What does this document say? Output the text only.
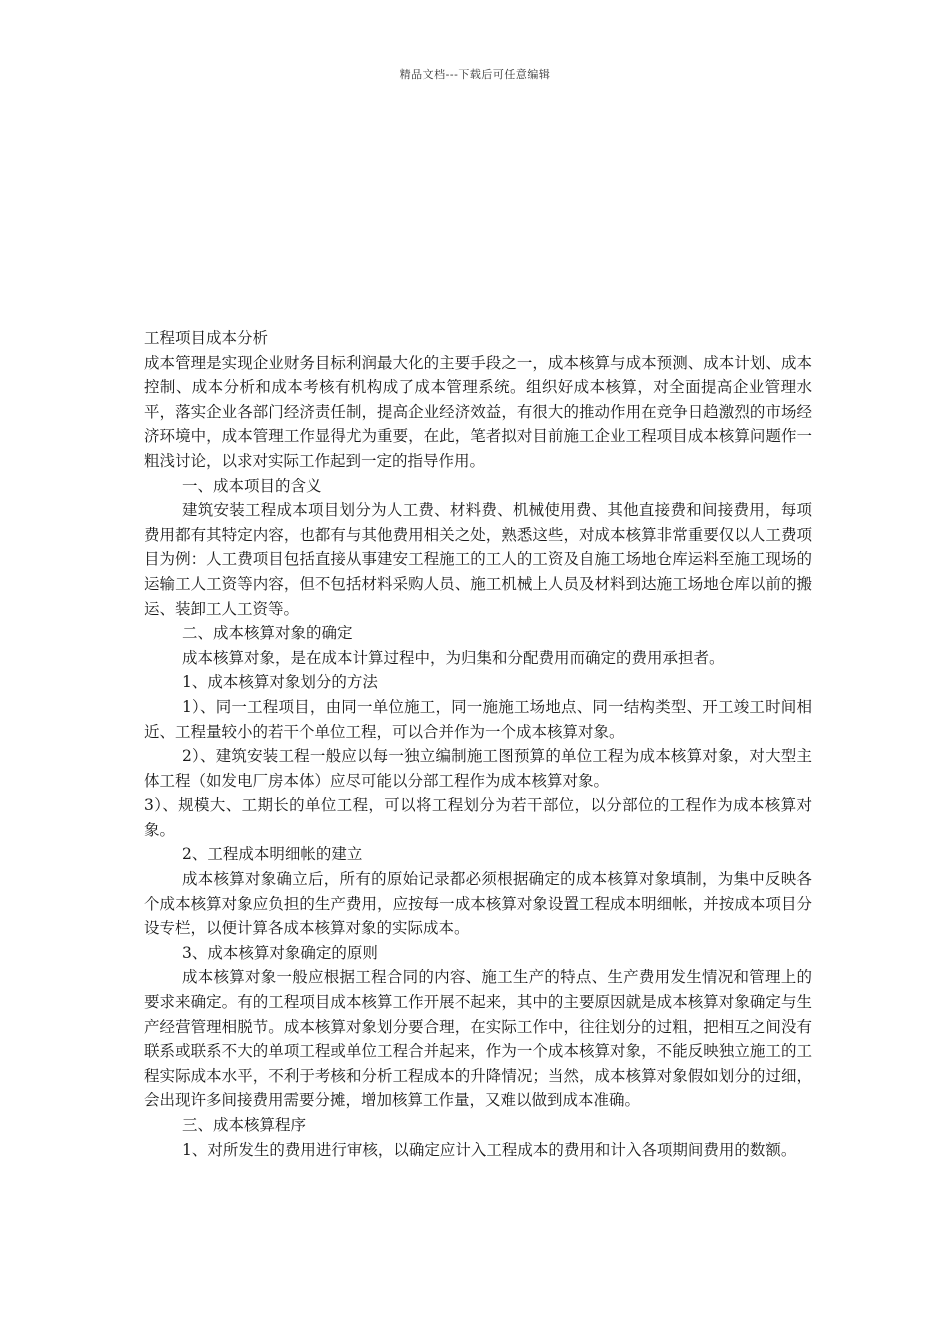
精品文档---下载后可任意编辑

工程项目成本分析

成本管理是实现企业财务目标利润最大化的主要手段之一，成本核算与成本预测、成本计划、成本控制、成本分析和成本考核有机构成了成本管理系统。组织好成本核算，对全面提高企业管理水平，落实企业各部门经济责任制，提高企业经济效益，有很大的推动作用在竞争日趋激烈的市场经济环境中，成本管理工作显得尤为重要，在此，笔者拟对目前施工企业工程项目成本核算问题作一粗浅讨论，以求对实际工作起到一定的指导作用。

一、成本项目的含义

建筑安装工程成本项目划分为人工费、材料费、机械使用费、其他直接费和间接费用，每项费用都有其特定内容，也都有与其他费用相关之处，熟悉这些，对成本核算非常重要仅以人工费项目为例：人工费项目包括直接从事建安工程施工的工人的工资及自施工场地仓库运料至施工现场的运输工人工资等内容，但不包括材料采购人员、施工机械上人员及材料到达施工场地仓库以前的搬运、装卸工人工资等。

二、成本核算对象的确定

成本核算对象，是在成本计算过程中，为归集和分配费用而确定的费用承担者。

1、成本核算对象划分的方法

1）、同一工程项目，由同一单位施工，同一施施工场地点、同一结构类型、开工竣工时间相近、工程量较小的若干个单位工程，可以合并作为一个成本核算对象。

2）、建筑安装工程一般应以每一独立编制施工图预算的单位工程为成本核算对象，对大型主体工程（如发电厂房本体）应尽可能以分部工程作为成本核算对象。

3）、规模大、工期长的单位工程，可以将工程划分为若干部位，以分部位的工程作为成本核算对象。

2、工程成本明细帐的建立

成本核算对象确立后，所有的原始记录都必须根据确定的成本核算对象填制，为集中反映各个成本核算对象应负担的生产费用，应按每一成本核算对象设置工程成本明细帐，并按成本项目分设专栏，以便计算各成本核算对象的实际成本。

3、成本核算对象确定的原则

成本核算对象一般应根据工程合同的内容、施工生产的特点、生产费用发生情况和管理上的要求来确定。有的工程项目成本核算工作开展不起来，其中的主要原因就是成本核算对象确定与生产经营管理相脱节。成本核算对象划分要合理，在实际工作中，往往划分的过粗，把相互之间没有联系或联系不大的单项工程或单位工程合并起来，作为一个成本核算对象，不能反映独立施工的工程实际成本水平，不利于考核和分析工程成本的升降情况；当然，成本核算对象假如划分的过细，会出现许多间接费用需要分摊，增加核算工作量，又难以做到成本准确。

三、成本核算程序

1、对所发生的费用进行审核，以确定应计入工程成本的费用和计入各项期间费用的数额。
